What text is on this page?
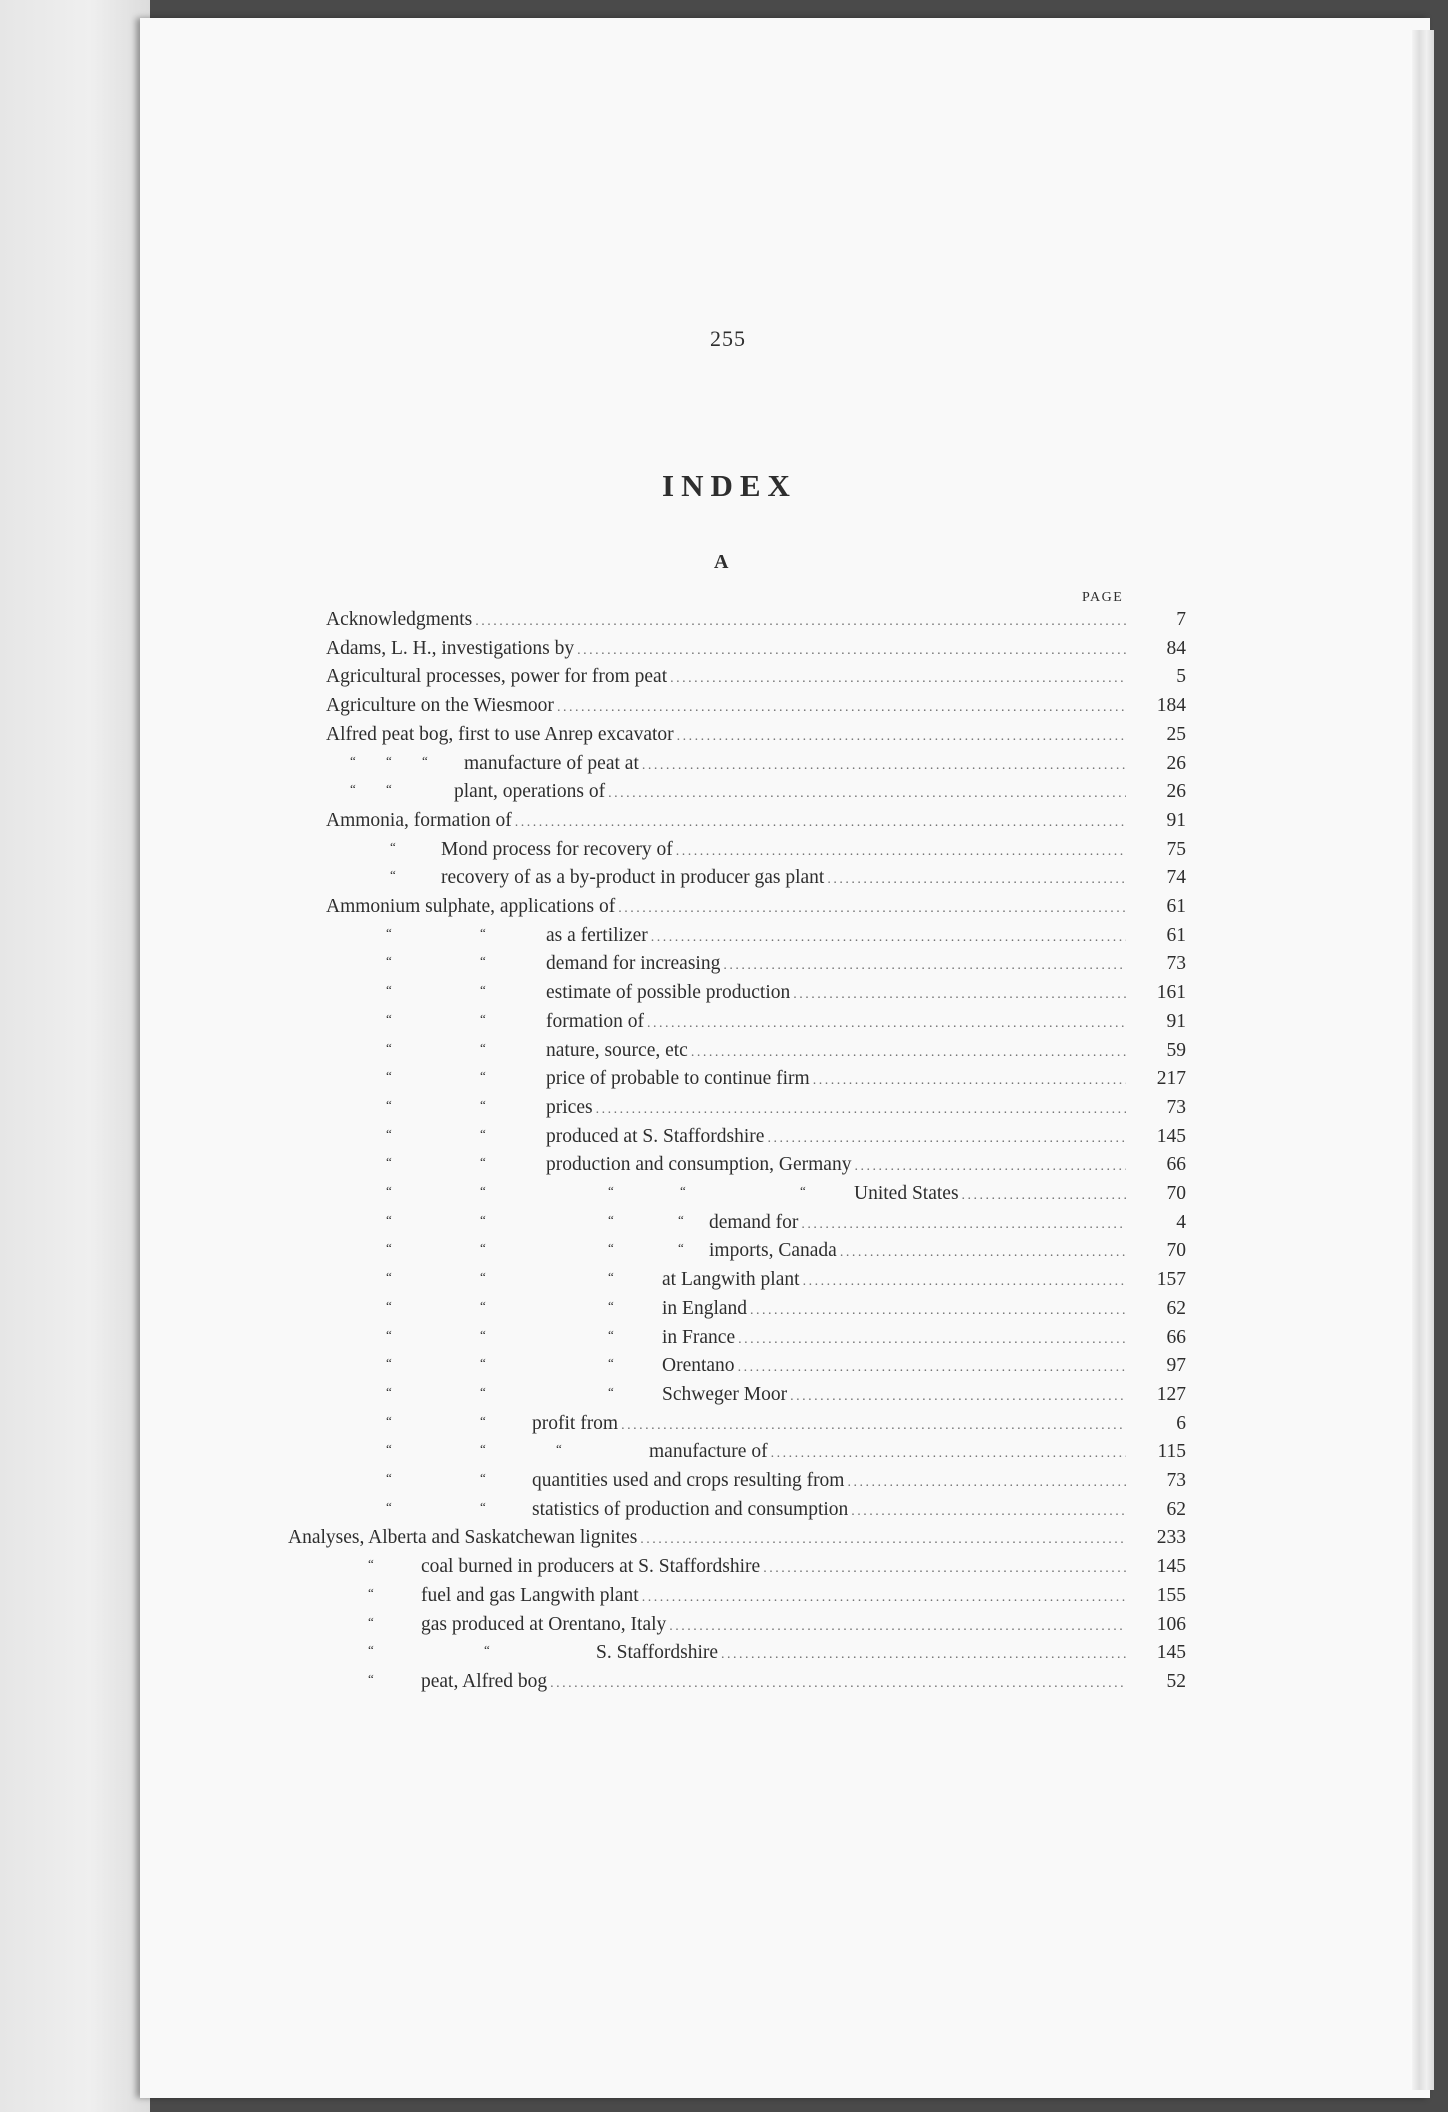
255
INDEX
A
PAGE
Acknowledgments .....	7
Adams, L. H., investigations by .....	84
Agricultural processes, power for from peat .....	5
Agriculture on the Wiesmoor .....	184
Alfred peat bog, first to use Anrep excavator .....	25
“ “ “ manufacture of peat at .....	26
“ “	plant, operations of .....	26
Ammonia, formation of .....	91
“ Mond process for recovery of .....	75
“ recovery of as a by-product in producer gas plant .....	74
Ammonium sulphate, applications of .....	61
“	“	as a fertilizer .....	61
“	“	demand for increasing .....	73
“	“	estimate of possible production .....	161
“	“	formation of .....	91
“	“	nature, source, etc .....	59
“	“	price of probable to continue firm .....	217
“	“	prices .....	73
“	“	produced at S. Staffordshire .....	145
“	“	production and consumption, Germany .....	66
“	“	“	“	“ United States .....	70
“	“	“	“ demand for .....	4
“	“	“	“ imports, Canada .....	70
“	“	“ at Langwith plant .....	157
“	“	“ in England .....	62
“	“	“ in France .....	66
“	“	“ Orentano .....	97
“	“	“ Schweger Moor .....	127
“	“ profit from .....	6
“	“	“	manufacture of .....	115
“	“ quantities used and crops resulting from .....	73
“	“ statistics of production and consumption .....	62
Analyses, Alberta and Saskatchewan lignites .....	233
“ coal burned in producers at S. Staffordshire .....	145
“ fuel and gas Langwith plant .....	155
“ gas produced at Orentano, Italy .....	106
“	“	S. Staffordshire .....	145
“ peat, Alfred bog .....	52
